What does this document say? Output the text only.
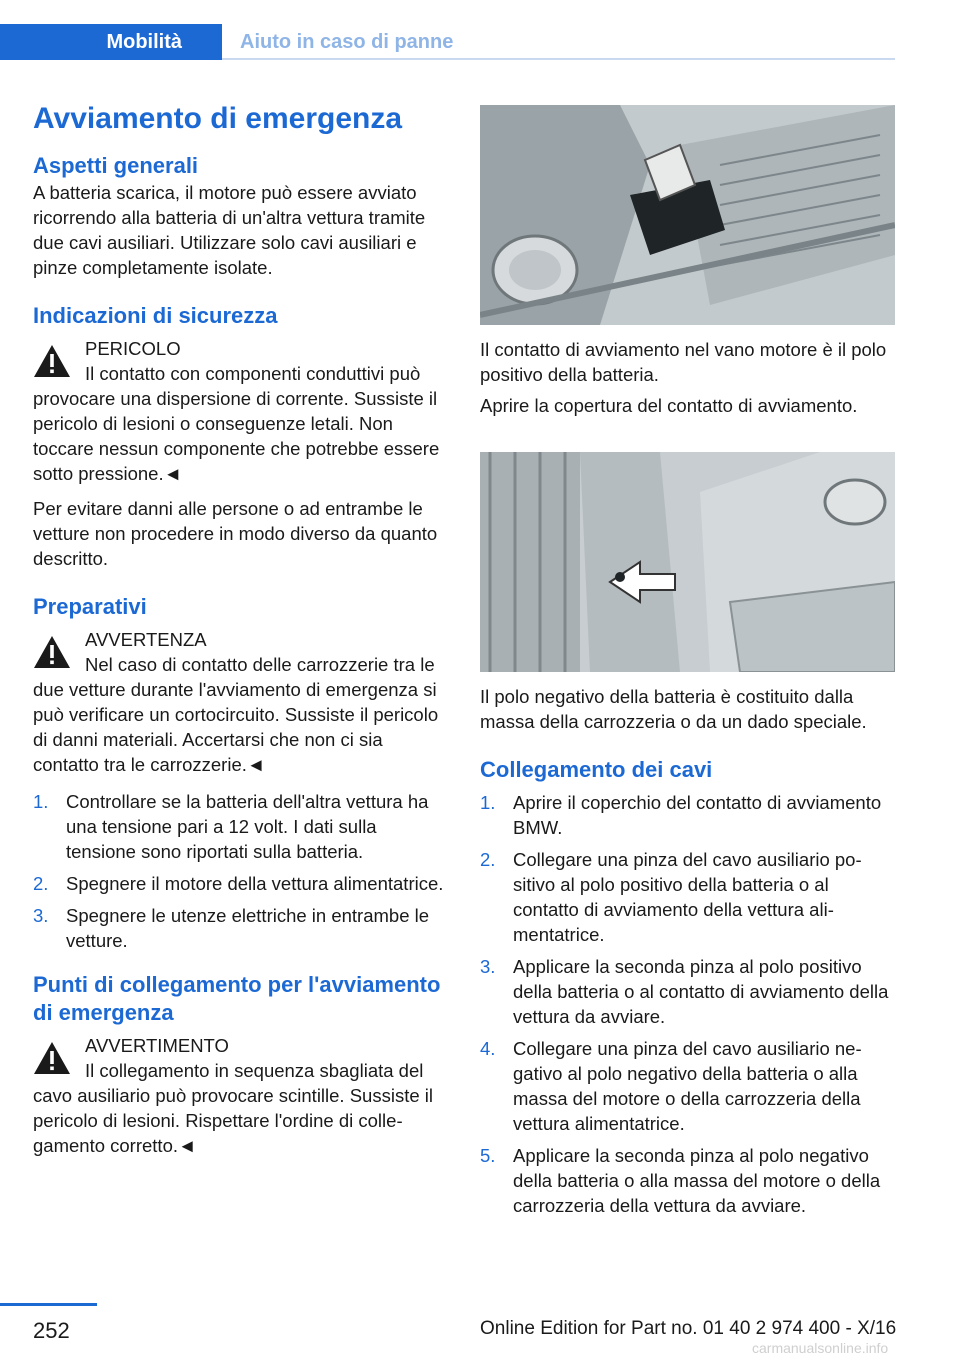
Mobilità	Aiuto in caso di panne
Avviamento di emergenza
Aspetti generali

A batteria scarica, il motore può essere avviato ricorrendo alla batteria di un'altra vettura tramite due cavi ausiliari. Utilizzare solo cavi ausiliari e pinze completamente isolate.

Indicazioni di sicurezza
PERICOLO

Il contatto con componenti conduttivi può provocare una dispersione di corrente. Sussiste il pericolo di lesioni o conseguenze letali. Non toccare nessun componente che potrebbe essere sotto pressione.◄

Per evitare danni alle persone o ad entrambe le vetture non procedere in modo diverso da quanto descritto.

Preparativi
AVVERTENZA

Nel caso di contatto delle carrozzerie tra le due vetture durante l'avviamento di emergenza si può verificare un cortocircuito. Sussiste il pericolo di danni materiali. Accertarsi che non ci sia contatto tra le carrozzerie.◄

1. Controllare se la batteria dell'altra vettura ha una tensione pari a 12 volt. I dati sulla tensione sono riportati sulla batteria.
2. Spegnere il motore della vettura alimentatrice.
3. Spegnere le utenze elettriche in entrambe le vetture.
Punti di collegamento per l'avviamento di emergenza
AVVERTIMENTO

Il collegamento in sequenza sbagliata del cavo ausiliario può provocare scintille. Sussiste il pericolo di lesioni. Rispettare l'ordine di collegamento corretto.◄

Il contatto di avviamento nel vano motore è il polo positivo della batteria.

Aprire la copertura del contatto di avviamento.

Il polo negativo della batteria è costituito dalla massa della carrozzeria o da un dado speciale.

Collegamento dei cavi
1. Aprire il coperchio del contatto di avviamento BMW.
2. Collegare una pinza del cavo ausiliario positivo al polo positivo della batteria o al contatto di avviamento della vettura alimentatrice.
3. Applicare la seconda pinza al polo positivo della batteria o al contatto di avviamento della vettura da avviare.
4. Collegare una pinza del cavo ausiliario negativo al polo negativo della batteria o alla massa del motore o della carrozzeria della vettura alimentatrice.
5. Applicare la seconda pinza al polo negativo della batteria o alla massa del motore o della carrozzeria della vettura da avviare.
252	Online Edition for Part no. 01 40 2 974 400 - X/16
carmanualsonline.info
